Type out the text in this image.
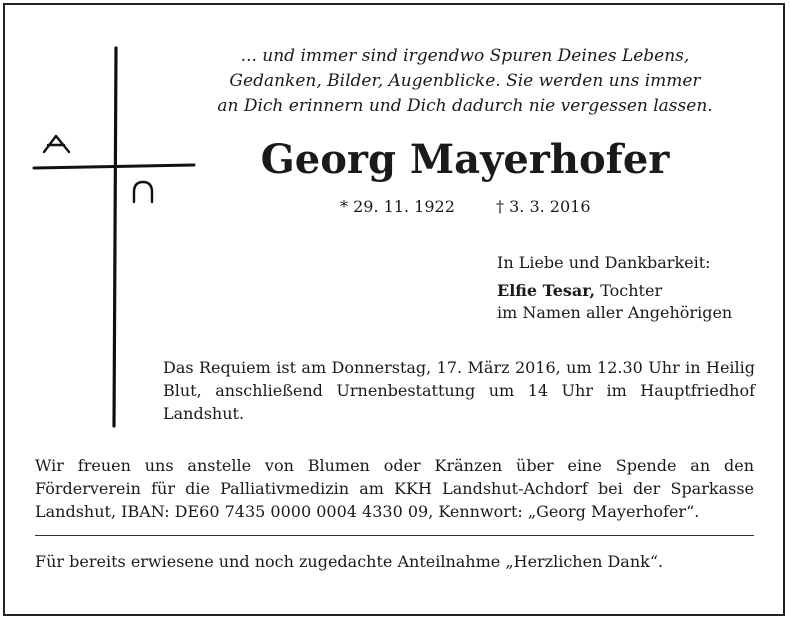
... und immer sind irgendwo Spuren Deines Lebens,
Gedanken, Bilder, Augenblicke. Sie werden uns immer
an Dich erinnern und Dich dadurch nie vergessen lassen.
Georg Mayerhofer
* 29. 11. 1922	† 3. 3. 2016
In Liebe und Dankbarkeit:
Elfie Tesar, Tochter
im Namen aller Angehörigen
Das Requiem ist am Donnerstag, 17. März 2016, um 12.30 Uhr in Heilig Blut, anschließend Urnenbestattung um 14 Uhr im Hauptfriedhof Landshut.
Wir freuen uns anstelle von Blumen oder Kränzen über eine Spende an den Förderverein für die Palliativmedizin am KKH Landshut-Achdorf bei der Sparkasse Landshut, IBAN: DE60 7435 0000 0004 4330 09, Kennwort: „Georg Mayerhofer“.
Für bereits erwiesene und noch zugedachte Anteilnahme „Herzlichen Dank“.
